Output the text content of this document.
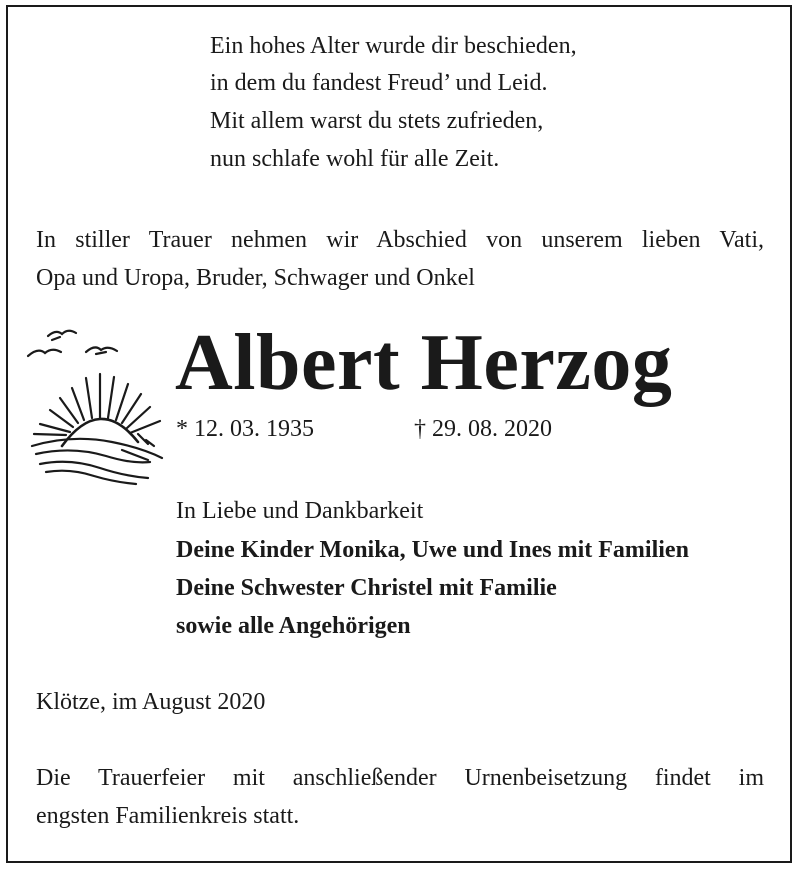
Ein hohes Alter wurde dir beschieden,
in dem du fandest Freud’ und Leid.
Mit allem warst du stets zufrieden,
nun schlafe wohl für alle Zeit.
In stiller Trauer nehmen wir Abschied von unserem lieben Vati,
Opa und Uropa, Bruder, Schwager und Onkel
Albert Herzog
* 12. 03. 1935	† 29. 08. 2020
In Liebe und Dankbarkeit
Deine Kinder Monika, Uwe und Ines mit Familien
Deine Schwester Christel mit Familie
sowie alle Angehörigen
Klötze, im August 2020
Die Trauerfeier mit anschließender Urnenbeisetzung findet im
engsten Familienkreis statt.
